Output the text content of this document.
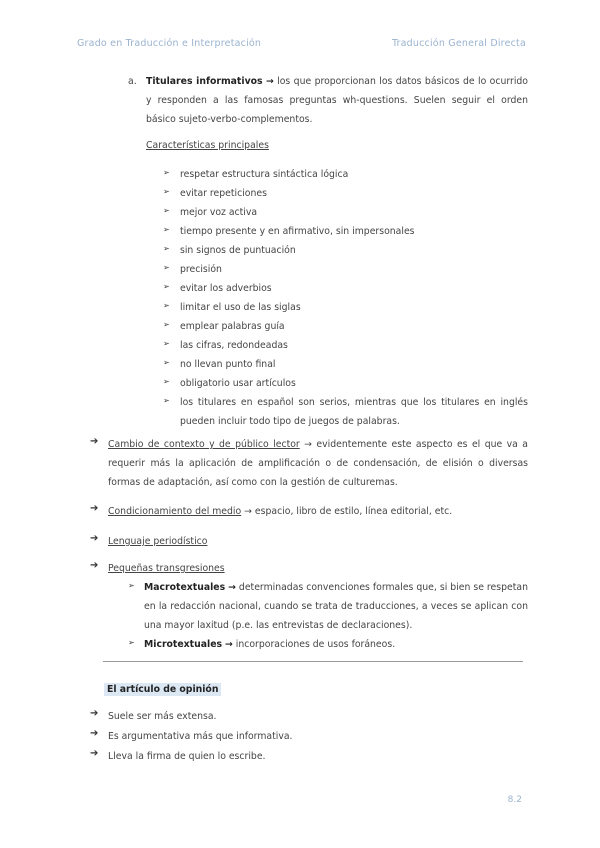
Grado en Traducción e Interpretación	Traducción General Directa
a. Titulares informativos → los que proporcionan los datos básicos de lo ocurrido y responden a las famosas preguntas wh-questions. Suelen seguir el orden básico sujeto-verbo-complementos.
Características principales
➢ respetar estructura sintáctica lógica
➢ evitar repeticiones
➢ mejor voz activa
➢ tiempo presente y en afirmativo, sin impersonales
➢ sin signos de puntuación
➢ precisión
➢ evitar los adverbios
➢ limitar el uso de las siglas
➢ emplear palabras guía
➢ las cifras, redondeadas
➢ no llevan punto final
➢ obligatorio usar artículos
➢ los titulares en español son serios, mientras que los titulares en inglés pueden incluir todo tipo de juegos de palabras.
➔ Cambio de contexto y de público lector → evidentemente este aspecto es el que va a requerir más la aplicación de amplificación o de condensación, de elisión o diversas formas de adaptación, así como con la gestión de culturemas.
➔ Condicionamiento del medio → espacio, libro de estilo, línea editorial, etc.
➔ Lenguaje periodístico
➔ Pequeñas transgresiones
➢ Macrotextuales → determinadas convenciones formales que, si bien se respetan en la redacción nacional, cuando se trata de traducciones, a veces se aplican con una mayor laxitud (p.e. las entrevistas de declaraciones).
➢ Microtextuales → incorporaciones de usos foráneos.
El artículo de opinión
➔ Suele ser más extensa.
➔ Es argumentativa más que informativa.
➔ Lleva la firma de quien lo escribe.
8.2
